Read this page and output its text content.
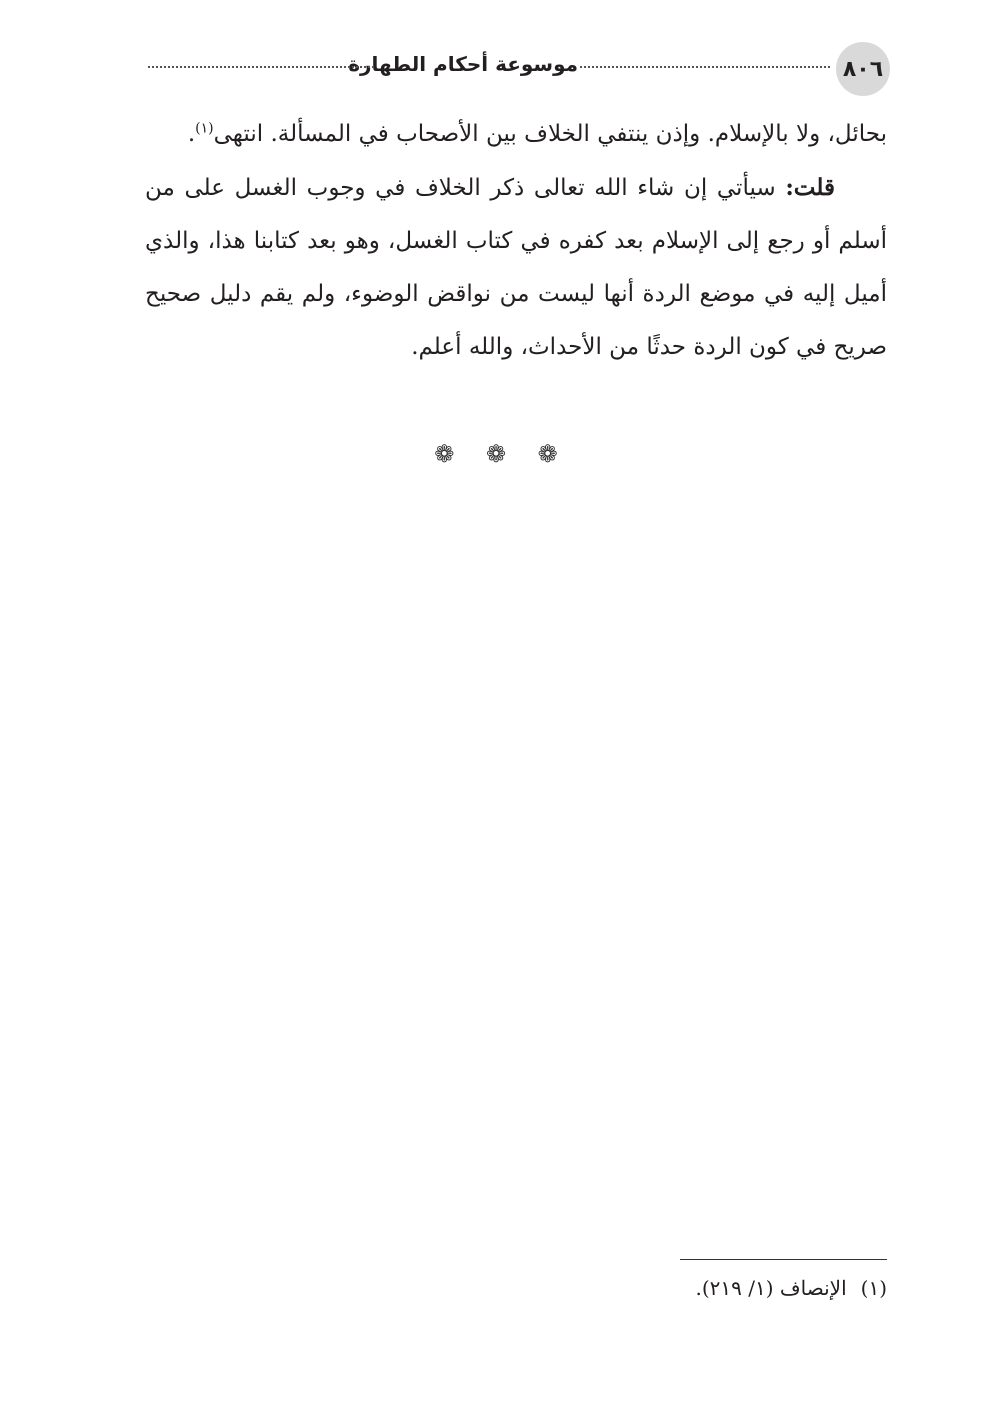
٨٠٦
موسوعة أحكام الطهارة

بحائل، ولا بالإسلام. وإذن ينتفي الخلاف بين الأصحاب في المسألة. انتهى$^{(١)}$.

قلت: سيأتي إن شاء الله تعالى ذكر الخلاف في وجوب الغسل على من أسلم أو رجع إلى الإسلام بعد كفره في كتاب الغسل، وهو بعد كتابنا هذا، والذي أميل إليه في موضع الردة أنها ليست من نواقض الوضوء، ولم يقم دليل صحيح صريح في كون الردة حدثًا من الأحداث، والله أعلم.

❁ ❁ ❁
(١)الإنصاف (١/ ٢١٩).
